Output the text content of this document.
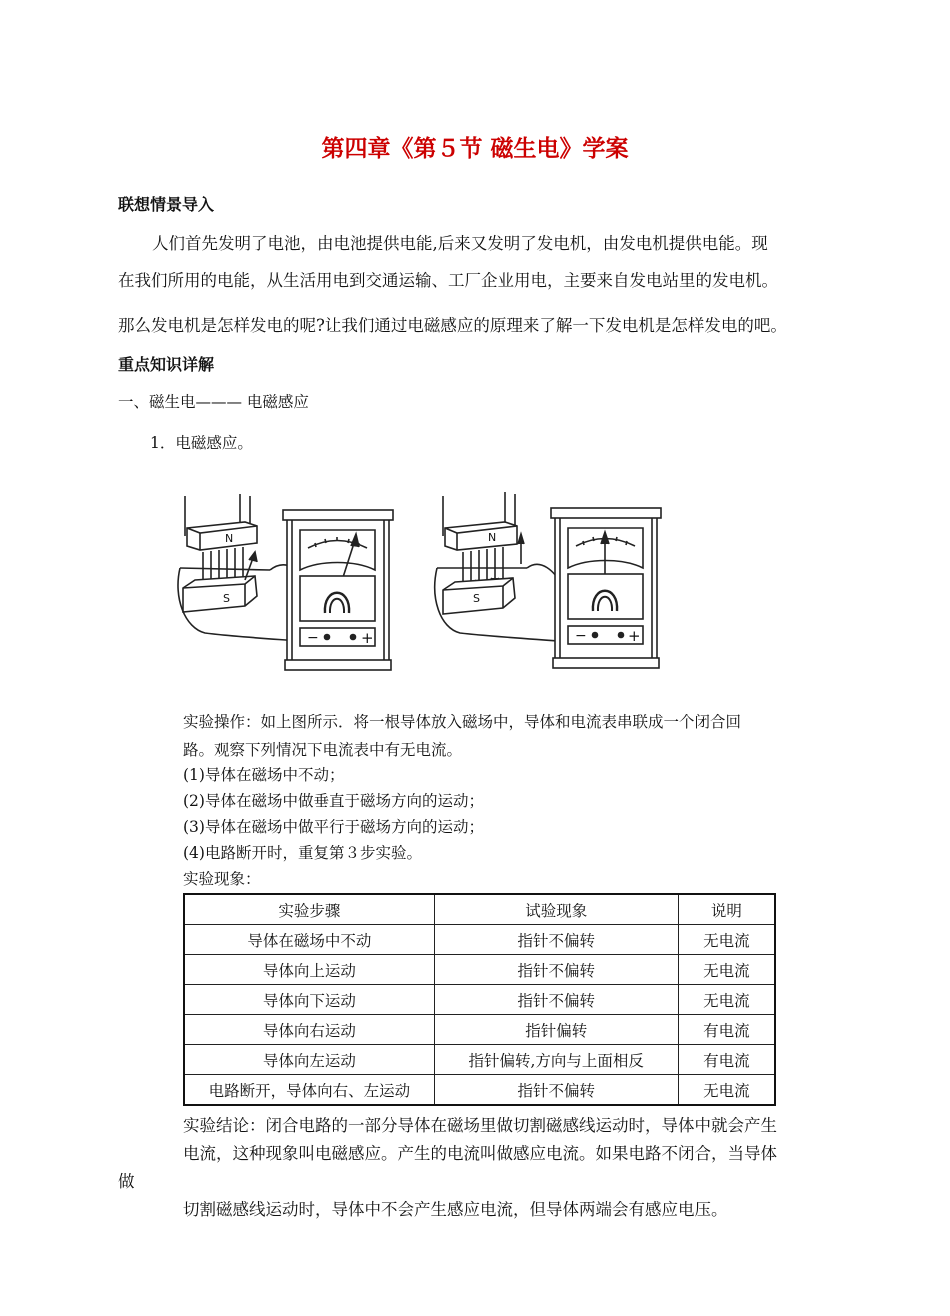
第四章《第５节 磁生电》学案
联想情景导入
人们首先发明了电池，由电池提供电能,后来又发明了发电机，由发电机提供电能。现
在我们所用的电能，从生活用电到交通运输、工厂企业用电，主要来自发电站里的发电机。
那么发电机是怎样发电的呢?让我们通过电磁感应的原理来了解一下发电机是怎样发电的吧。
重点知识详解
一、磁生电——— 电磁感应
1．电磁感应。
N
S
−	+
N
S
−	+
实验操作：如上图所示．将一根导体放入磁场中，导体和电流表串联成一个闭合回
路。观察下列情况下电流表中有无电流。
(1)导体在磁场中不动；
(2)导体在磁场中做垂直于磁场方向的运动；
(3)导体在磁场中做平行于磁场方向的运动；
(4)电路断开时，重复第３步实验。
实验现象：
实验步骤	试验现象	说明
导体在磁场中不动	指针不偏转	无电流
导体向上运动	指针不偏转	无电流
导体向下运动	指针不偏转	无电流
导体向右运动	指针偏转	有电流
导体向左运动	指针偏转,方向与上面相反	有电流
电路断开，导体向右、左运动	指针不偏转	无电流
实验结论：闭合电路的一部分导体在磁场里做切割磁感线运动时，导体中就会产生
电流，这种现象叫电磁感应。产生的电流叫做感应电流。如果电路不闭合，当导体
做
切割磁感线运动时，导体中不会产生感应电流，但导体两端会有感应电压。
